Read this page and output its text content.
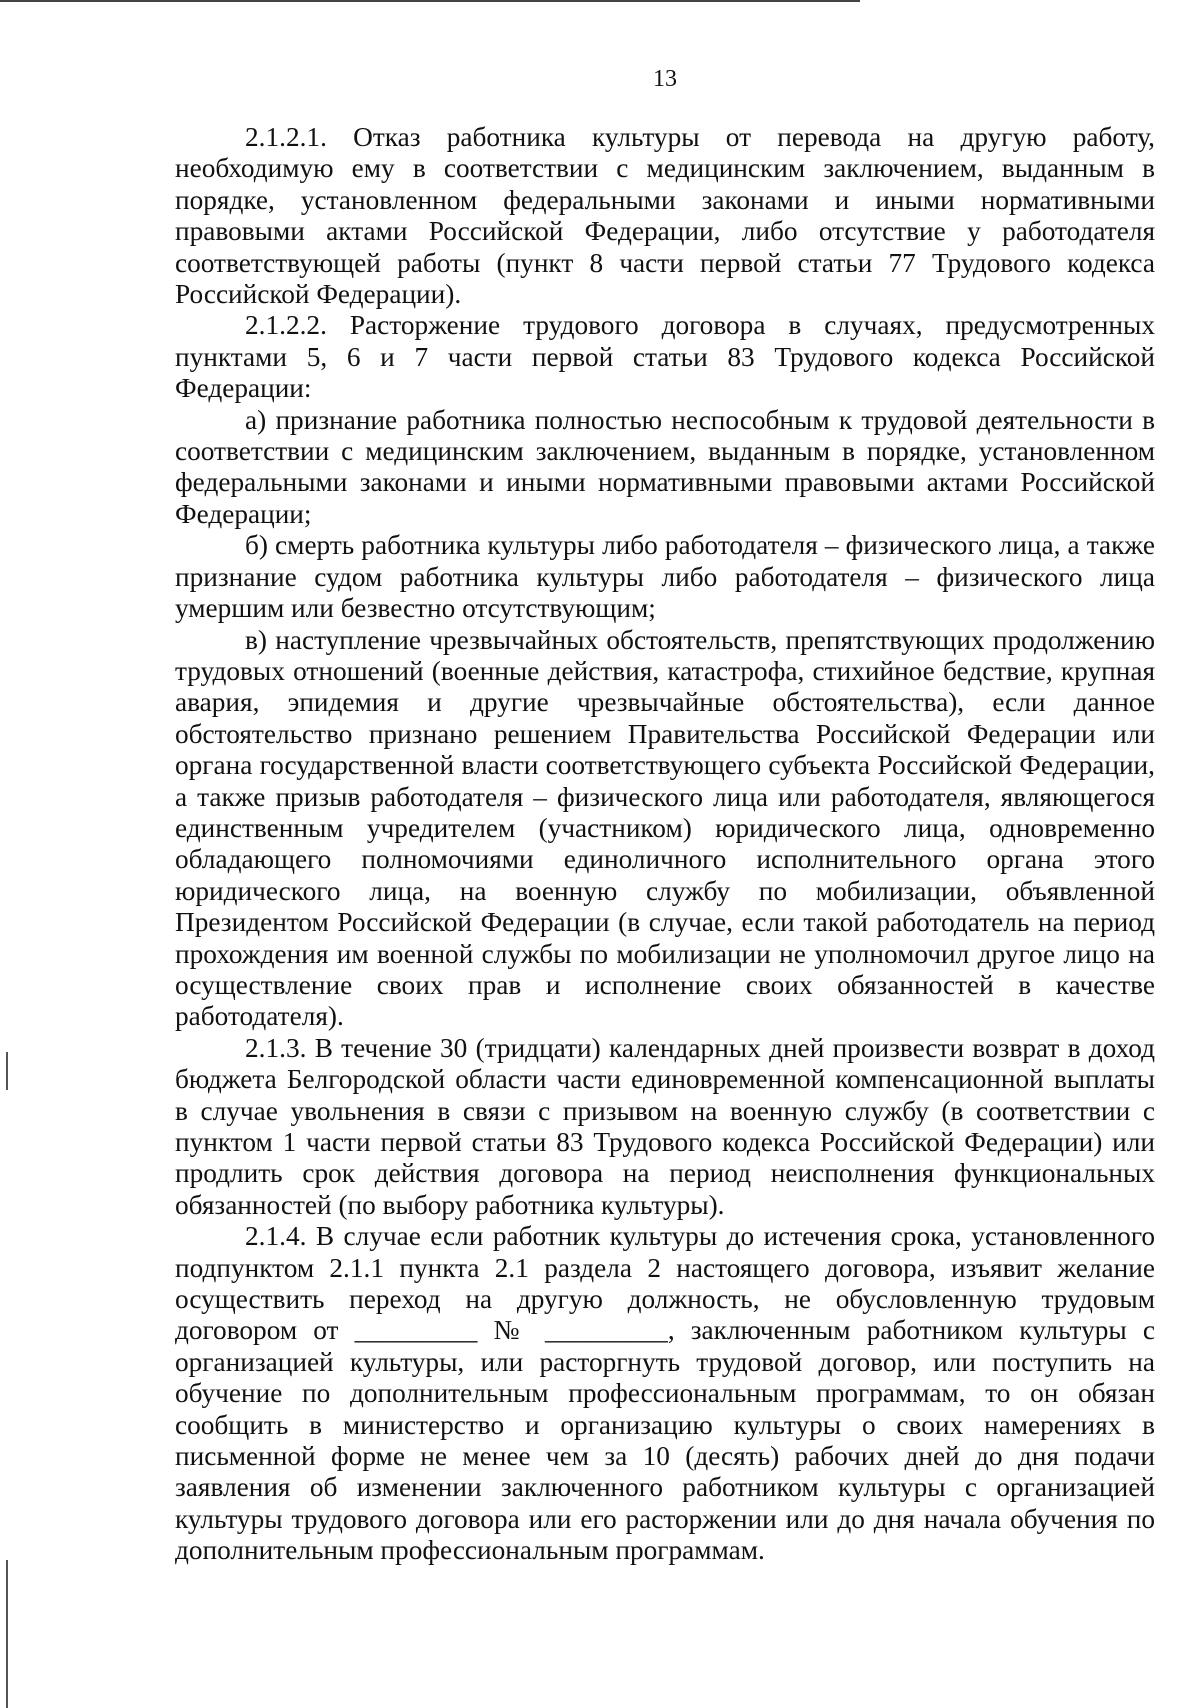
13

2.1.2.1. Отказ работника культуры от перевода на другую работу, необходимую ему в соответствии с медицинским заключением, выданным в порядке, установленном федеральными законами и иными нормативными правовыми актами Российской Федерации, либо отсутствие у работодателя соответствующей работы (пункт 8 части первой статьи 77 Трудового кодекса Российской Федерации).

2.1.2.2. Расторжение трудового договора в случаях, предусмотренных пунктами 5, 6 и 7 части первой статьи 83 Трудового кодекса Российской Федерации:

а) признание работника полностью неспособным к трудовой деятельности в соответствии с медицинским заключением, выданным в порядке, установленном федеральными законами и иными нормативными правовыми актами Российской Федерации;

б) смерть работника культуры либо работодателя – физического лица, а также признание судом работника культуры либо работодателя – физического лица умершим или безвестно отсутствующим;

в) наступление чрезвычайных обстоятельств, препятствующих продолжению трудовых отношений (военные действия, катастрофа, стихийное бедствие, крупная авария, эпидемия и другие чрезвычайные обстоятельства), если данное обстоятельство признано решением Правительства Российской Федерации или органа государственной власти соответствующего субъекта Российской Федерации, а также призыв работодателя – физического лица или работодателя, являющегося единственным учредителем (участником) юридического лица, одновременно обладающего полномочиями единоличного исполнительного органа этого юридического лица, на военную службу по мобилизации, объявленной Президентом Российской Федерации (в случае, если такой работодатель на период прохождения им военной службы по мобилизации не уполномочил другое лицо на осуществление своих прав и исполнение своих обязанностей в качестве работодателя).

2.1.3. В течение 30 (тридцати) календарных дней произвести возврат в доход бюджета Белгородской области части единовременной компенсационной выплаты в случае увольнения в связи с призывом на военную службу (в соответствии с пунктом 1 части первой статьи 83 Трудового кодекса Российской Федерации) или продлить срок действия договора на период неисполнения функциональных обязанностей (по выбору работника культуры).

2.1.4. В случае если работник культуры до истечения срока, установленного подпунктом 2.1.1 пункта 2.1 раздела 2 настоящего договора, изъявит желание осуществить переход на другую должность, не обусловленную трудовым договором от _________ № _________, заключенным работником культуры с организацией культуры, или расторгнуть трудовой договор, или поступить на обучение по дополнительным профессиональным программам, то он обязан сообщить в министерство и организацию культуры о своих намерениях в письменной форме не менее чем за 10 (десять) рабочих дней до дня подачи заявления об изменении заключенного работником культуры с организацией культуры трудового договора или его расторжении или до дня начала обучения по дополнительным профессиональным программам.
